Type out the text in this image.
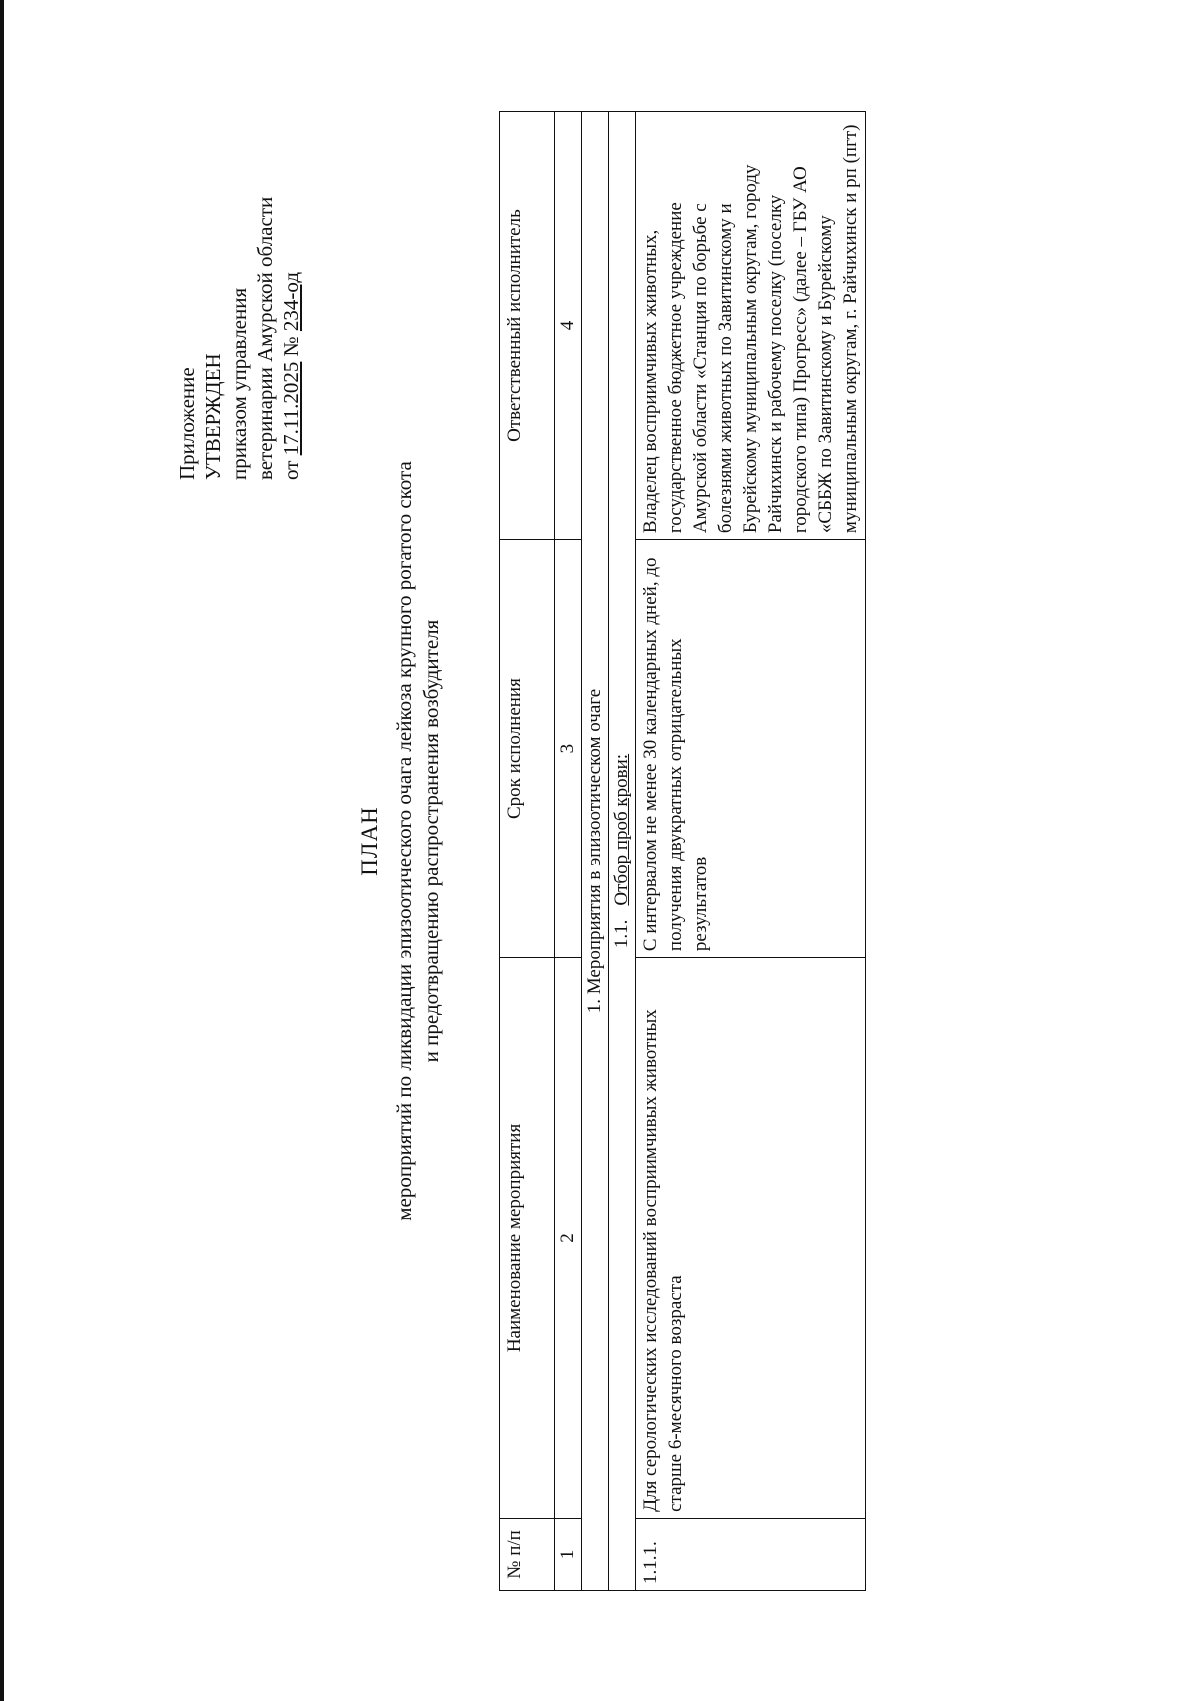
Приложение УТВЕРЖДЕН приказом управления ветеринарии Амурской области от 17.11.2025 № 234-од
ПЛАН мероприятий по ликвидации эпизоотического очага лейкоза крупного рогатого скота и предотвращению распространения возбудителя
№ п/п	Наименование мероприятия	Срок исполнения	Ответственный исполнитель
1	2	3	4
1. Мероприятия в эпизоотическом очаге			
1.1.Отбор проб крови:			
1.1.1.	Для серологических исследований восприимчивых животных старше 6-месячного возраста	С интервалом не менее 30 календарных дней, до получения двукратных отрицательных результатов	Владелец восприимчивых животных, государственное бюджетное учреждение Амурской области «Станция по борьбе с болезнями животных по Завитинскому и Бурейскому муниципальным округам, городу Райчихинск и рабочему поселку (поселку городского типа) Прогресс» (далее – ГБУ АО «СББЖ по Завитинскому и Бурейскому муниципальным округам, г. Райчихинск и рп (пгт)
